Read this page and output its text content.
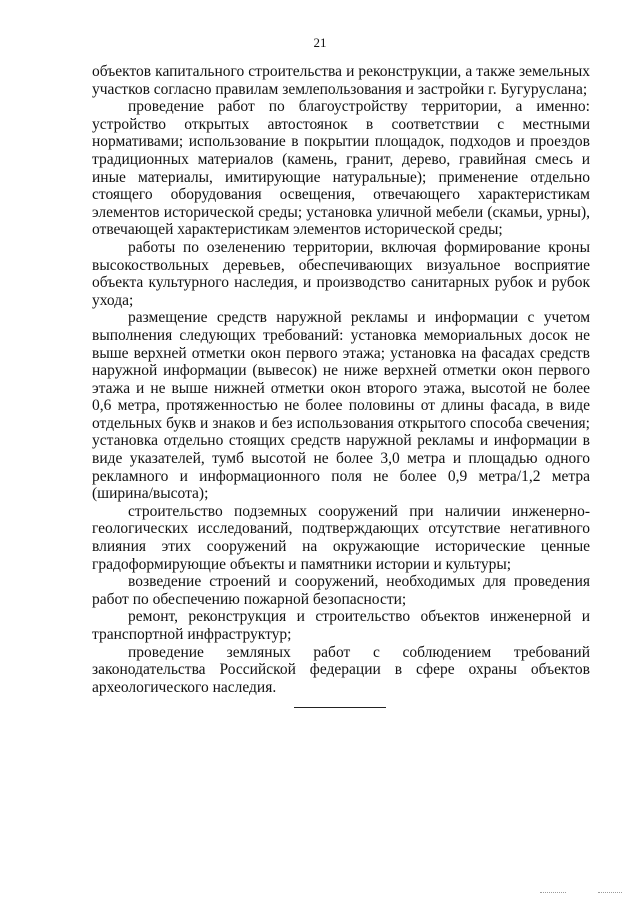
21

объектов капитального строительства и реконструкции, а также земельных участков согласно правилам землепользования и застройки г. Бугуруслана;

проведение работ по благоустройству территории, а именно: устройство открытых автостоянок в соответствии с местными нормативами; использование в покрытии площадок, подходов и проездов традиционных материалов (камень, гранит, дерево, гравийная смесь и иные материалы, имитирующие натуральные); применение отдельно стоящего оборудования освещения, отвечающего характеристикам элементов исторической среды; установка уличной мебели (скамьи, урны), отвечающей характеристикам элементов исторической среды;

работы по озеленению территории, включая формирование кроны высокоствольных деревьев, обеспечивающих визуальное восприятие объекта культурного наследия, и производство санитарных рубок и рубок ухода;

размещение средств наружной рекламы и информации с учетом выполнения следующих требований: установка мемориальных досок не выше верхней отметки окон первого этажа; установка на фасадах средств наружной информации (вывесок) не ниже верхней отметки окон первого этажа и не выше нижней отметки окон второго этажа, высотой не более 0,6 метра, протяженностью не более половины от длины фасада, в виде отдельных букв и знаков и без использования открытого способа свечения; установка отдельно стоящих средств наружной рекламы и информации в виде указателей, тумб высотой не более 3,0 метра и площадью одного рекламного и информационного поля не более 0,9 метра/1,2 метра (ширина/высота);

строительство подземных сооружений при наличии инженерно-геологических исследований, подтверждающих отсутствие негативного влияния этих сооружений на окружающие исторические ценные градоформирующие объекты и памятники истории и культуры;

возведение строений и сооружений, необходимых для проведения работ по обеспечению пожарной безопасности;

ремонт, реконструкция и строительство объектов инженерной и транспортной инфраструктур;

проведение земляных работ с соблюдением требований законодательства Российской федерации в сфере охраны объектов археологического наследия.
